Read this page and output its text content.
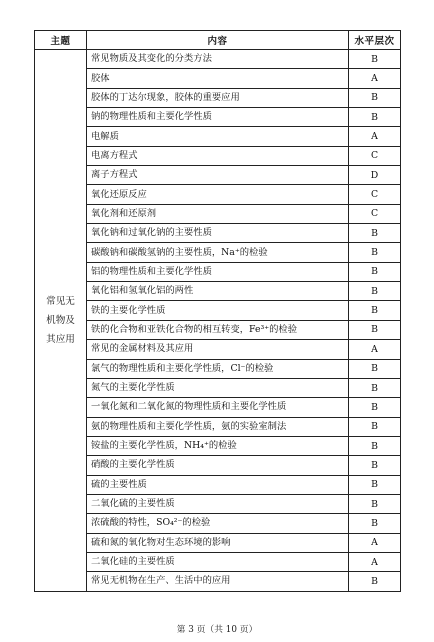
主题	内容	水平层次

常见无
机物及
其应用	常见物质及其变化的分类方法	B
	胶体	A
	胶体的丁达尔现象，胶体的重要应用	B
	钠的物理性质和主要化学性质	B
	电解质	A
	电离方程式	C
	离子方程式	D
	氧化还原反应	C
	氧化剂和还原剂	C
	氧化钠和过氧化钠的主要性质	B
	碳酸钠和碳酸氢钠的主要性质，Na⁺的检验	B
	铝的物理性质和主要化学性质	B
	氧化铝和氢氧化铝的两性	B
	铁的主要化学性质	B
	铁的化合物和亚铁化合物的相互转变，Fe³⁺的检验	B
	常见的金属材料及其应用	A
	氯气的物理性质和主要化学性质，Cl⁻的检验	B
	氮气的主要化学性质	B
	一氧化氮和二氧化氮的物理性质和主要化学性质	B
	氨的物理性质和主要化学性质，氨的实验室制法	B
	铵盐的主要化学性质，NH₄⁺的检验	B
	硝酸的主要化学性质	B
	硫的主要性质	B
	二氧化硫的主要性质	B
	浓硫酸的特性，SO₄²⁻的检验	B
	硫和氮的氧化物对生态环境的影响	A
	二氧化硅的主要性质	A
	常见无机物在生产、生活中的应用	B
第 3 页（共 10 页）
